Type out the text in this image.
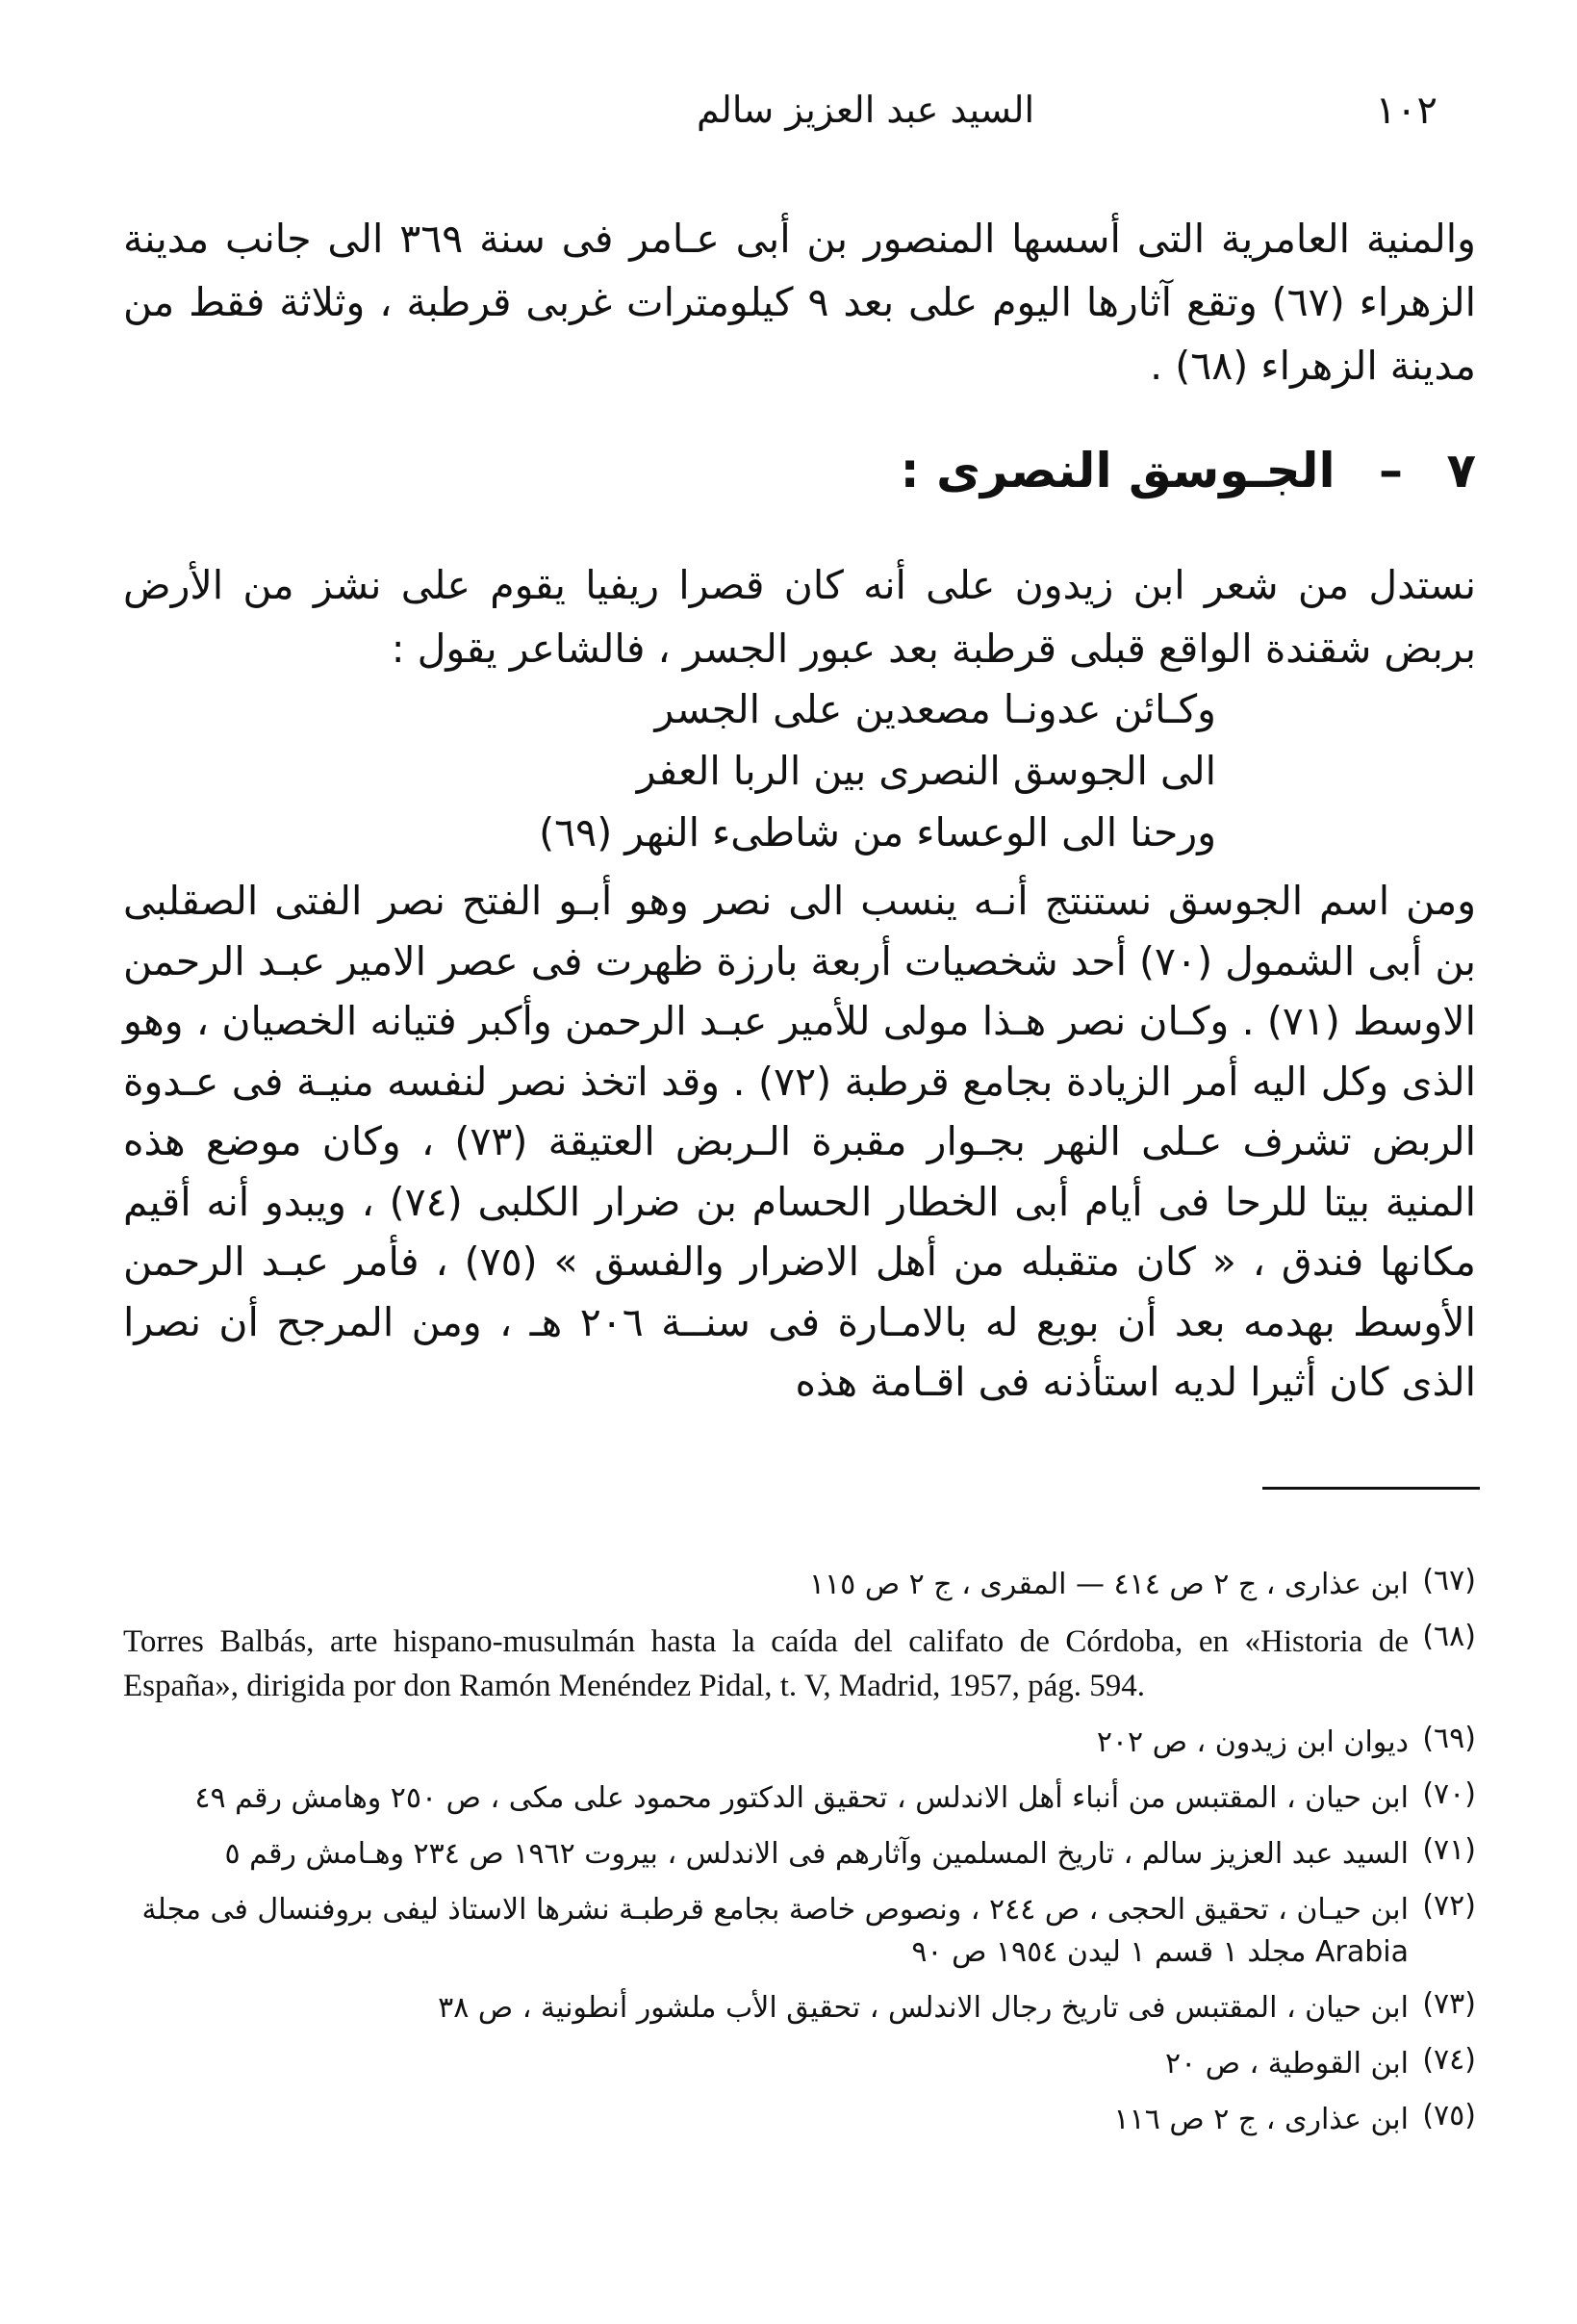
السيد عبد العزيز سالم	١٠٢

والمنية العامرية التى أسسها المنصور بن أبى عـامر فى سنة ٣٦٩ الى جانب مدينة الزهراء (٦٧) وتقع آثارها اليوم على بعد ٩ كيلومترات غربى قرطبة ، وثلاثة فقط من مدينة الزهراء (٦٨) .

٧ – الجـوسق النصرى :

نستدل من شعر ابن زيدون على أنه كان قصرا ريفيا يقوم على نشز من الأرض بربض شقندة الواقع قبلى قرطبة بعد عبور الجسر ، فالشاعر يقول :

وكـائن عدونـا مصعدين على الجسر
الى الجوسق النصرى بين الربا العفر
ورحنا الى الوعساء من شاطىء النهر (٦٩)

ومن اسم الجوسق نستنتج أنـه ينسب الى نصر وهو أبـو الفتح نصر الفتى الصقلبى بن أبى الشمول (٧٠) أحد شخصيات أربعة بارزة ظهرت فى عصر الامير عبـد الرحمن الاوسط (٧١) . وكـان نصر هـذا مولى للأمير عبـد الرحمن وأكبر فتيانه الخصيان ، وهو الذى وكل اليه أمر الزيادة بجامع قرطبة (٧٢) . وقد اتخذ نصر لنفسه منيـة فى عـدوة الربض تشرف عـلى النهر بجـوار مقبرة الـربض العتيقة (٧٣) ، وكان موضع هذه المنية بيتا للرحا فى أيام أبى الخطار الحسام بن ضرار الكلبى (٧٤) ، ويبدو أنه أقيم مكانها فندق ، « كان متقبله من أهل الاضرار والفسق » (٧٥) ، فأمر عبـد الرحمن الأوسط بهدمه بعد أن بويع له بالامـارة فى سنــة ٢٠٦ هـ ، ومن المرجح أن نصرا الذى كان أثيرا لديه استأذنه فى اقـامة هذه

(٦٧)
ابن عذارى ، ج ٢ ص ٤١٤ — المقرى ، ج ٢ ص ١١٥
(٦٨)
Torres Balbás, arte hispano-musulmán hasta la caída del califato de Córdoba, en «Historia de España», dirigida por don Ramón Menéndez Pidal, t. V, Madrid, 1957, pág. 594.
(٦٩)
ديوان ابن زيدون ، ص ٢٠٢
(٧٠)
ابن حيان ، المقتبس من أنباء أهل الاندلس ، تحقيق الدكتور محمود على مكى ، ص ٢٥٠ وهامش رقم ٤٩
(٧١)
السيد عبد العزيز سالم ، تاريخ المسلمين وآثارهم فى الاندلس ، بيروت ١٩٦٢ ص ٢٣٤ وهـامش رقم ٥
(٧٢)
ابن حيـان ، تحقيق الحجى ، ص ٢٤٤ ، ونصوص خاصة بجامع قرطبـة نشرها الاستاذ ليفى بروفنسال فى مجلة Arabia مجلد ١ قسم ١ ليدن ١٩٥٤ ص ٩٠
(٧٣)
ابن حيان ، المقتبس فى تاريخ رجال الاندلس ، تحقيق الأب ملشور أنطونية ، ص ٣٨
(٧٤)
ابن القوطية ، ص ٢٠
(٧٥)
ابن عذارى ، ج ٢ ص ١١٦
